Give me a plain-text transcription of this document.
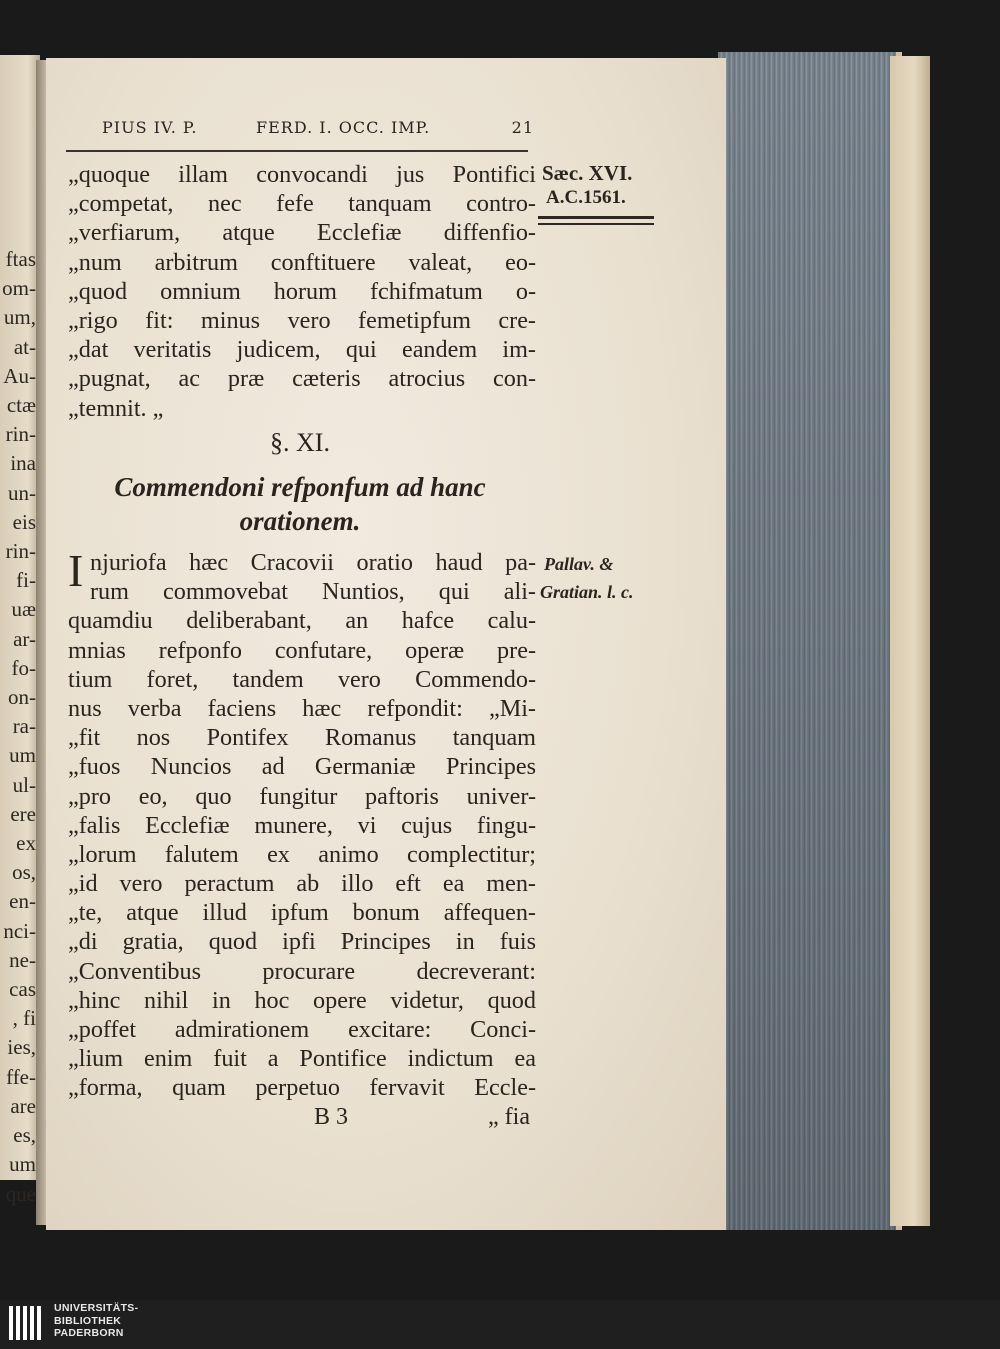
ftas
om-
um,
at-
Au-
ctæ
rin-
ina
un-
eis
rin-
fi-
uæ
ar-
fo-
on-
ra-
um
ul-
ere
ex
os,
en-
nci-
ne-
cas
, fi
ies,
ffe-
are
es,
um
que
PIUS IV. P.	FERD. I. OCC. IMP.	21
„quoque illam convocandi jus Pontifici
„competat, nec fefe tanquam contro-
„verfiarum, atque Ecclefiæ diffenfio-
„num arbitrum conftituere valeat, eo-
„quod omnium horum fchifmatum o-
„rigo fit: minus vero femetipfum cre-
„dat veritatis judicem, qui eandem im-
„pugnat, ac præ cæteris atrocius con-
„temnit. „
§. XI.
Commendoni refponfum ad hanc
orationem.
I njuriofa hæc Cracovii oratio haud pa-
rum commovebat Nuntios, qui ali-
quamdiu deliberabant, an hafce calu-
mnias refponfo confutare, operæ pre-
tium foret, tandem vero Commendo-
nus verba faciens hæc refpondit: „Mi-
„fit nos Pontifex Romanus tanquam
„fuos Nuncios ad Germaniæ Principes
„pro eo, quo fungitur paftoris univer-
„falis Ecclefiæ munere, vi cujus fingu-
„lorum falutem ex animo complectitur;
„id vero peractum ab illo eft ea men-
„te, atque illud ipfum bonum affequen-
„di gratia, quod ipfi Principes in fuis
„Conventibus procurare decreverant:
„hinc nihil in hoc opere videtur, quod
„poffet admirationem excitare: Conci-
„lium enim fuit a Pontifice indictum ea
„forma, quam perpetuo fervavit Eccle-
Sæc. XVI.
A.C.1561.
Pallav. &
Gratian. l. c.
B 3	„ fia
UNIVERSITÄTS-
BIBLIOTHEK
PADERBORN
